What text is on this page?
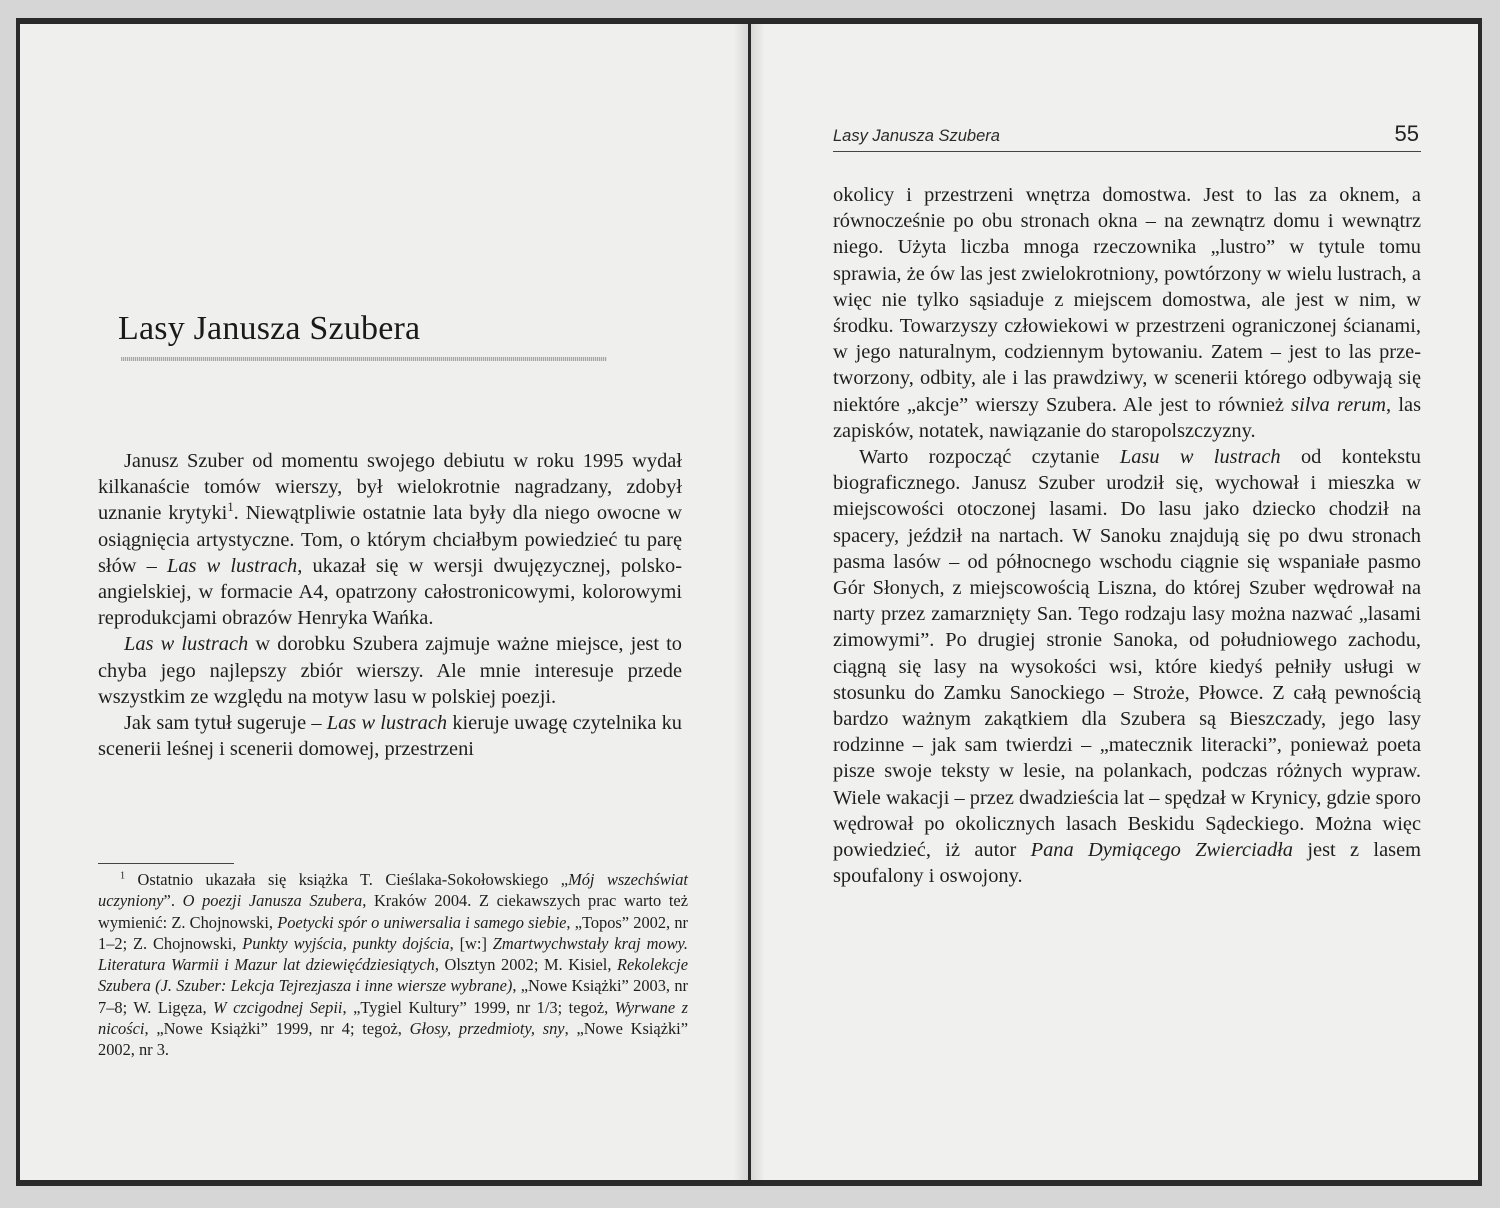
Lasy Janusza Szubera

Janusz Szuber od momentu swojego debiutu w roku 1995 wydał kilkanaście tomów wierszy, był wielokrotnie nagradzany, zdobył uznanie krytyki$^1$. Niewątpliwie ostatnie lata były dla niego owocne w osiągnięcia artystyczne. Tom, o którym chciałbym powiedzieć tu parę słów – Las w lustrach, ukazał się w wersji dwujęzycznej, polsko-angielskiej, w formacie A4, opatrzony całostronicowymi, kolorowymi reprodukcjami obrazów Henryka Wańka.

Las w lustrach w dorobku Szubera zajmuje ważne miejsce, jest to chyba jego najlepszy zbiór wierszy. Ale mnie interesuje przede wszystkim ze względu na motyw lasu w polskiej poezji.

Jak sam tytuł sugeruje – Las w lustrach kieruje uwagę czytelnika ku scenerii leśnej i scenerii domowej, przestrzeni

$^1$ Ostatnio ukazała się książka T. Cieślaka-Sokołowskiego „Mój wszechświat uczyniony”. O poezji Janusza Szubera, Kraków 2004. Z ciekawszych prac warto też wymienić: Z. Chojnowski, Poetycki spór o uniwersalia i samego siebie, „Topos” 2002, nr 1–2; Z. Chojnowski, Punkty wyjścia, punkty dojścia, [w:] Zmartwychwstały kraj mowy. Literatura Warmii i Mazur lat dziewięćdziesiątych, Olsztyn 2002; M. Kisiel, Rekolekcje Szubera (J. Szuber: Lekcja Tejrezjasza i inne wiersze wybrane), „Nowe Książki” 2003, nr 7–8; W. Ligęza, W czcigodnej Sepii, „Tygiel Kultury” 1999, nr 1/3; tegoż, Wyrwane z nicości, „Nowe Książki” 1999, nr 4; tegoż, Głosy, przedmioty, sny, „Nowe Książki” 2002, nr 3.

Lasy Janusza Szubera	55

okolicy i przestrzeni wnętrza domostwa. Jest to las za oknem, a równocześnie po obu stronach okna – na zewnątrz domu i wewnątrz niego. Użyta liczba mnoga rzeczownika „lustro” w tytule tomu sprawia, że ów las jest zwielokrotniony, powtórzony w wielu lustrach, a więc nie tylko sąsiaduje z miejscem domostwa, ale jest w nim, w środku. Towarzyszy człowiekowi w przestrzeni ograniczonej ścianami, w jego naturalnym, codziennym bytowaniu. Zatem – jest to las przetworzony, odbity, ale i las prawdziwy, w scenerii którego odbywają się niektóre „akcje” wierszy Szubera. Ale jest to również silva rerum, las zapisków, notatek, nawiązanie do staropolszczyzny.

Warto rozpocząć czytanie Lasu w lustrach od kontekstu biograficznego. Janusz Szuber urodził się, wychował i mieszka w miejscowości otoczonej lasami. Do lasu jako dziecko chodził na spacery, jeździł na nartach. W Sanoku znajdują się po dwu stronach pasma lasów – od północnego wschodu ciągnie się wspaniałe pasmo Gór Słonych, z miejscowością Liszna, do której Szuber wędrował na narty przez zamarznięty San. Tego rodzaju lasy można nazwać „lasami zimowymi”. Po drugiej stronie Sanoka, od południowego zachodu, ciągną się lasy na wysokości wsi, które kiedyś pełniły usługi w stosunku do Zamku Sanockiego – Stroże, Płowce. Z całą pewnością bardzo ważnym zakątkiem dla Szubera są Bieszczady, jego lasy rodzinne – jak sam twierdzi – „matecznik literacki”, ponieważ poeta pisze swoje teksty w lesie, na polankach, podczas różnych wypraw. Wiele wakacji – przez dwadzieścia lat – spędzał w Krynicy, gdzie sporo wędrował po okolicznych lasach Beskidu Sądeckiego. Można więc powiedzieć, iż autor Pana Dymiącego Zwierciadła jest z lasem spoufalony i oswojony.
